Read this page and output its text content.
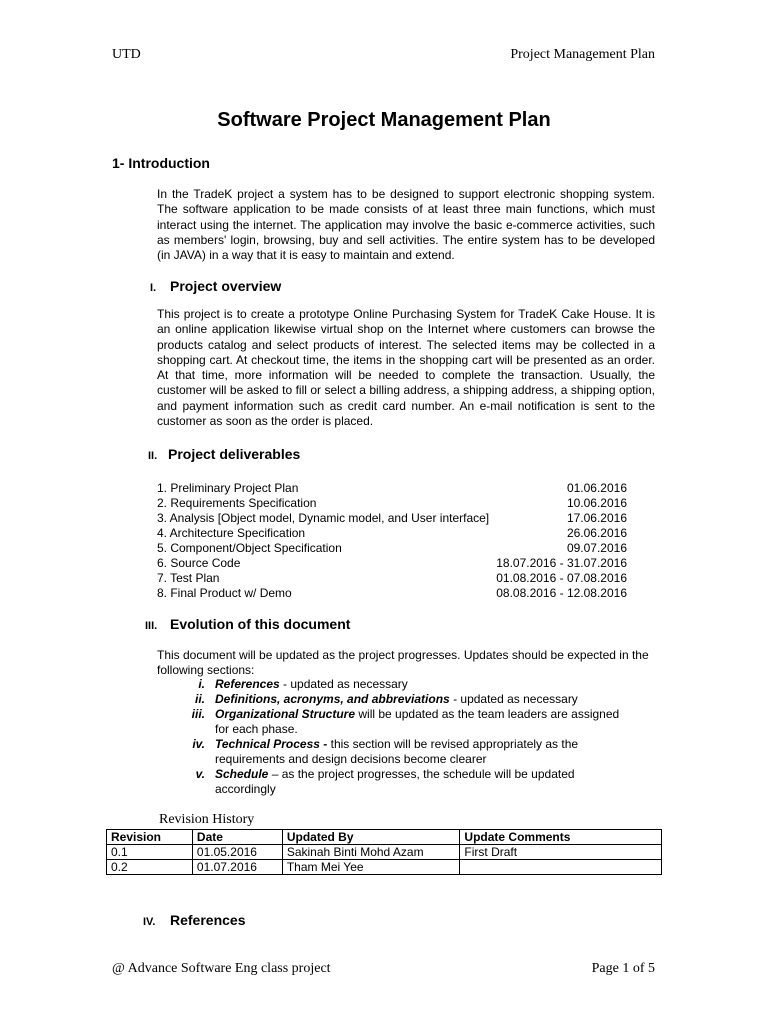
UTD	Project Management Plan
Software Project Management Plan
1- Introduction
In the TradeK project a system has to be designed to support electronic shopping system. The software application to be made consists of at least three main functions, which must interact using the internet. The application may involve the basic e-commerce activities, such as members' login, browsing, buy and sell activities. The entire system has to be developed (in JAVA) in a way that it is easy to maintain and extend.
I. Project overview
This project is to create a prototype Online Purchasing System for TradeK Cake House. It is an online application likewise virtual shop on the Internet where customers can browse the products catalog and select products of interest. The selected items may be collected in a shopping cart. At checkout time, the items in the shopping cart will be presented as an order. At that time, more information will be needed to complete the transaction. Usually, the customer will be asked to fill or select a billing address, a shipping address, a shipping option, and payment information such as credit card number. An e-mail notification is sent to the customer as soon as the order is placed.
II. Project deliverables
1. Preliminary Project Plan	01.06.2016
2. Requirements Specification	10.06.2016
3. Analysis [Object model, Dynamic model, and User interface]	17.06.2016
4. Architecture Specification	26.06.2016
5. Component/Object Specification	09.07.2016
6. Source Code	18.07.2016 - 31.07.2016
7. Test Plan	01.08.2016 - 07.08.2016
8. Final Product w/ Demo	08.08.2016 - 12.08.2016
III. Evolution of this document
This document will be updated as the project progresses. Updates should be expected in the following sections:
i. References - updated as necessary
ii. Definitions, acronyms, and abbreviations - updated as necessary
iii. Organizational Structure will be updated as the team leaders are assigned for each phase.
iv. Technical Process - this section will be revised appropriately as the requirements and design decisions become clearer
v. Schedule – as the project progresses, the schedule will be updated accordingly
Revision History
Revision	Date	Updated By	Update Comments
0.1	01.05.2016	Sakinah Binti Mohd Azam	First Draft
0.2	01.07.2016	Tham Mei Yee	
IV. References
@ Advance Software Eng class project	Page 1 of 5
